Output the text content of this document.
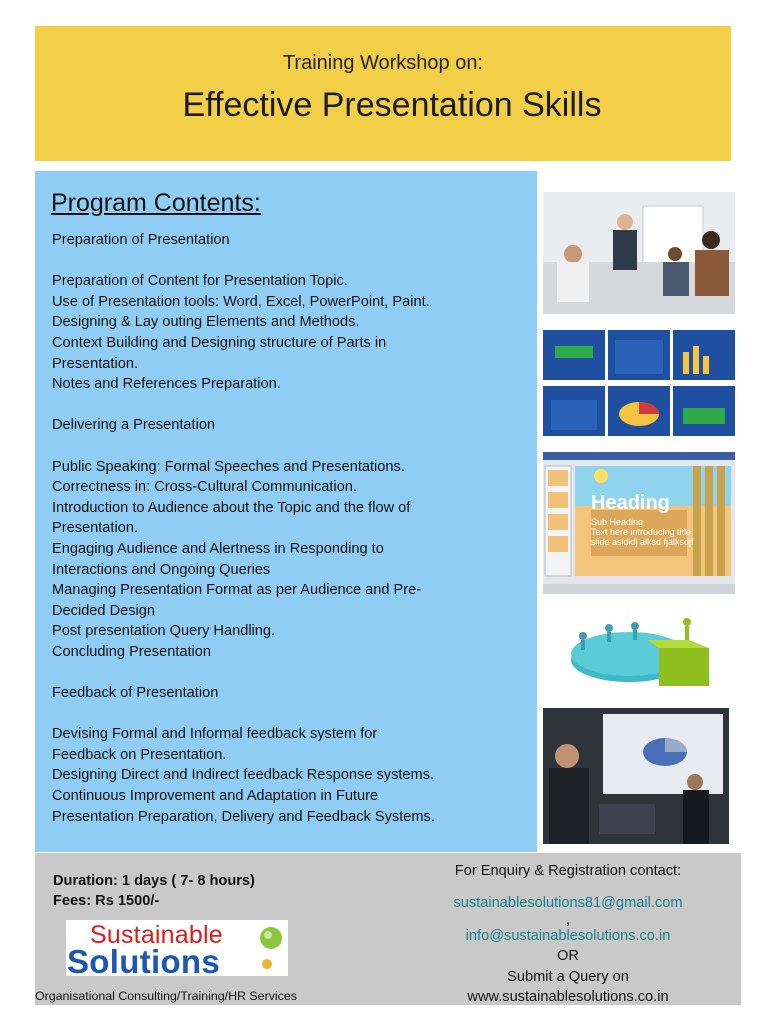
Training Workshop on:
Effective Presentation Skills
Program Contents:
Preparation of Presentation
Preparation of Content for Presentation Topic.
Use of Presentation tools: Word, Excel, PowerPoint, Paint.
Designing & Lay outing Elements and Methods.
Context Building and Designing structure of Parts in
Presentation.
Notes and References Preparation.
Delivering a Presentation
Public Speaking: Formal Speeches and Presentations.
Correctness in: Cross-Cultural Communication.
Introduction to Audience about the Topic and the flow of
Presentation.
Engaging Audience and Alertness in Responding to
Interactions and Ongoing Queries
Managing Presentation Format as per Audience and Pre-
Decided Design
Post presentation Query Handling.
Concluding Presentation
Feedback of Presentation
Devising Formal and Informal feedback system for
Feedback on Presentation.
Designing Direct and Indirect feedback Response systems.
Continuous Improvement and Adaptation in Future
Presentation Preparation, Delivery and Feedback Systems.
Heading
Sub Heading
Text here introducing title
slide asidkfj alksd fjalksdjf
Duration: 1 days ( 7- 8 hours)
Fees: Rs 1500/-
Sustainable
Solutions
Organisational Consulting/Training/HR Services
For Enquiry & Registration contact:
sustainablesolutions81@gmail.com
,
info@sustainablesolutions.co.in
OR
Submit a Query on
www.sustainablesolutions.co.in
